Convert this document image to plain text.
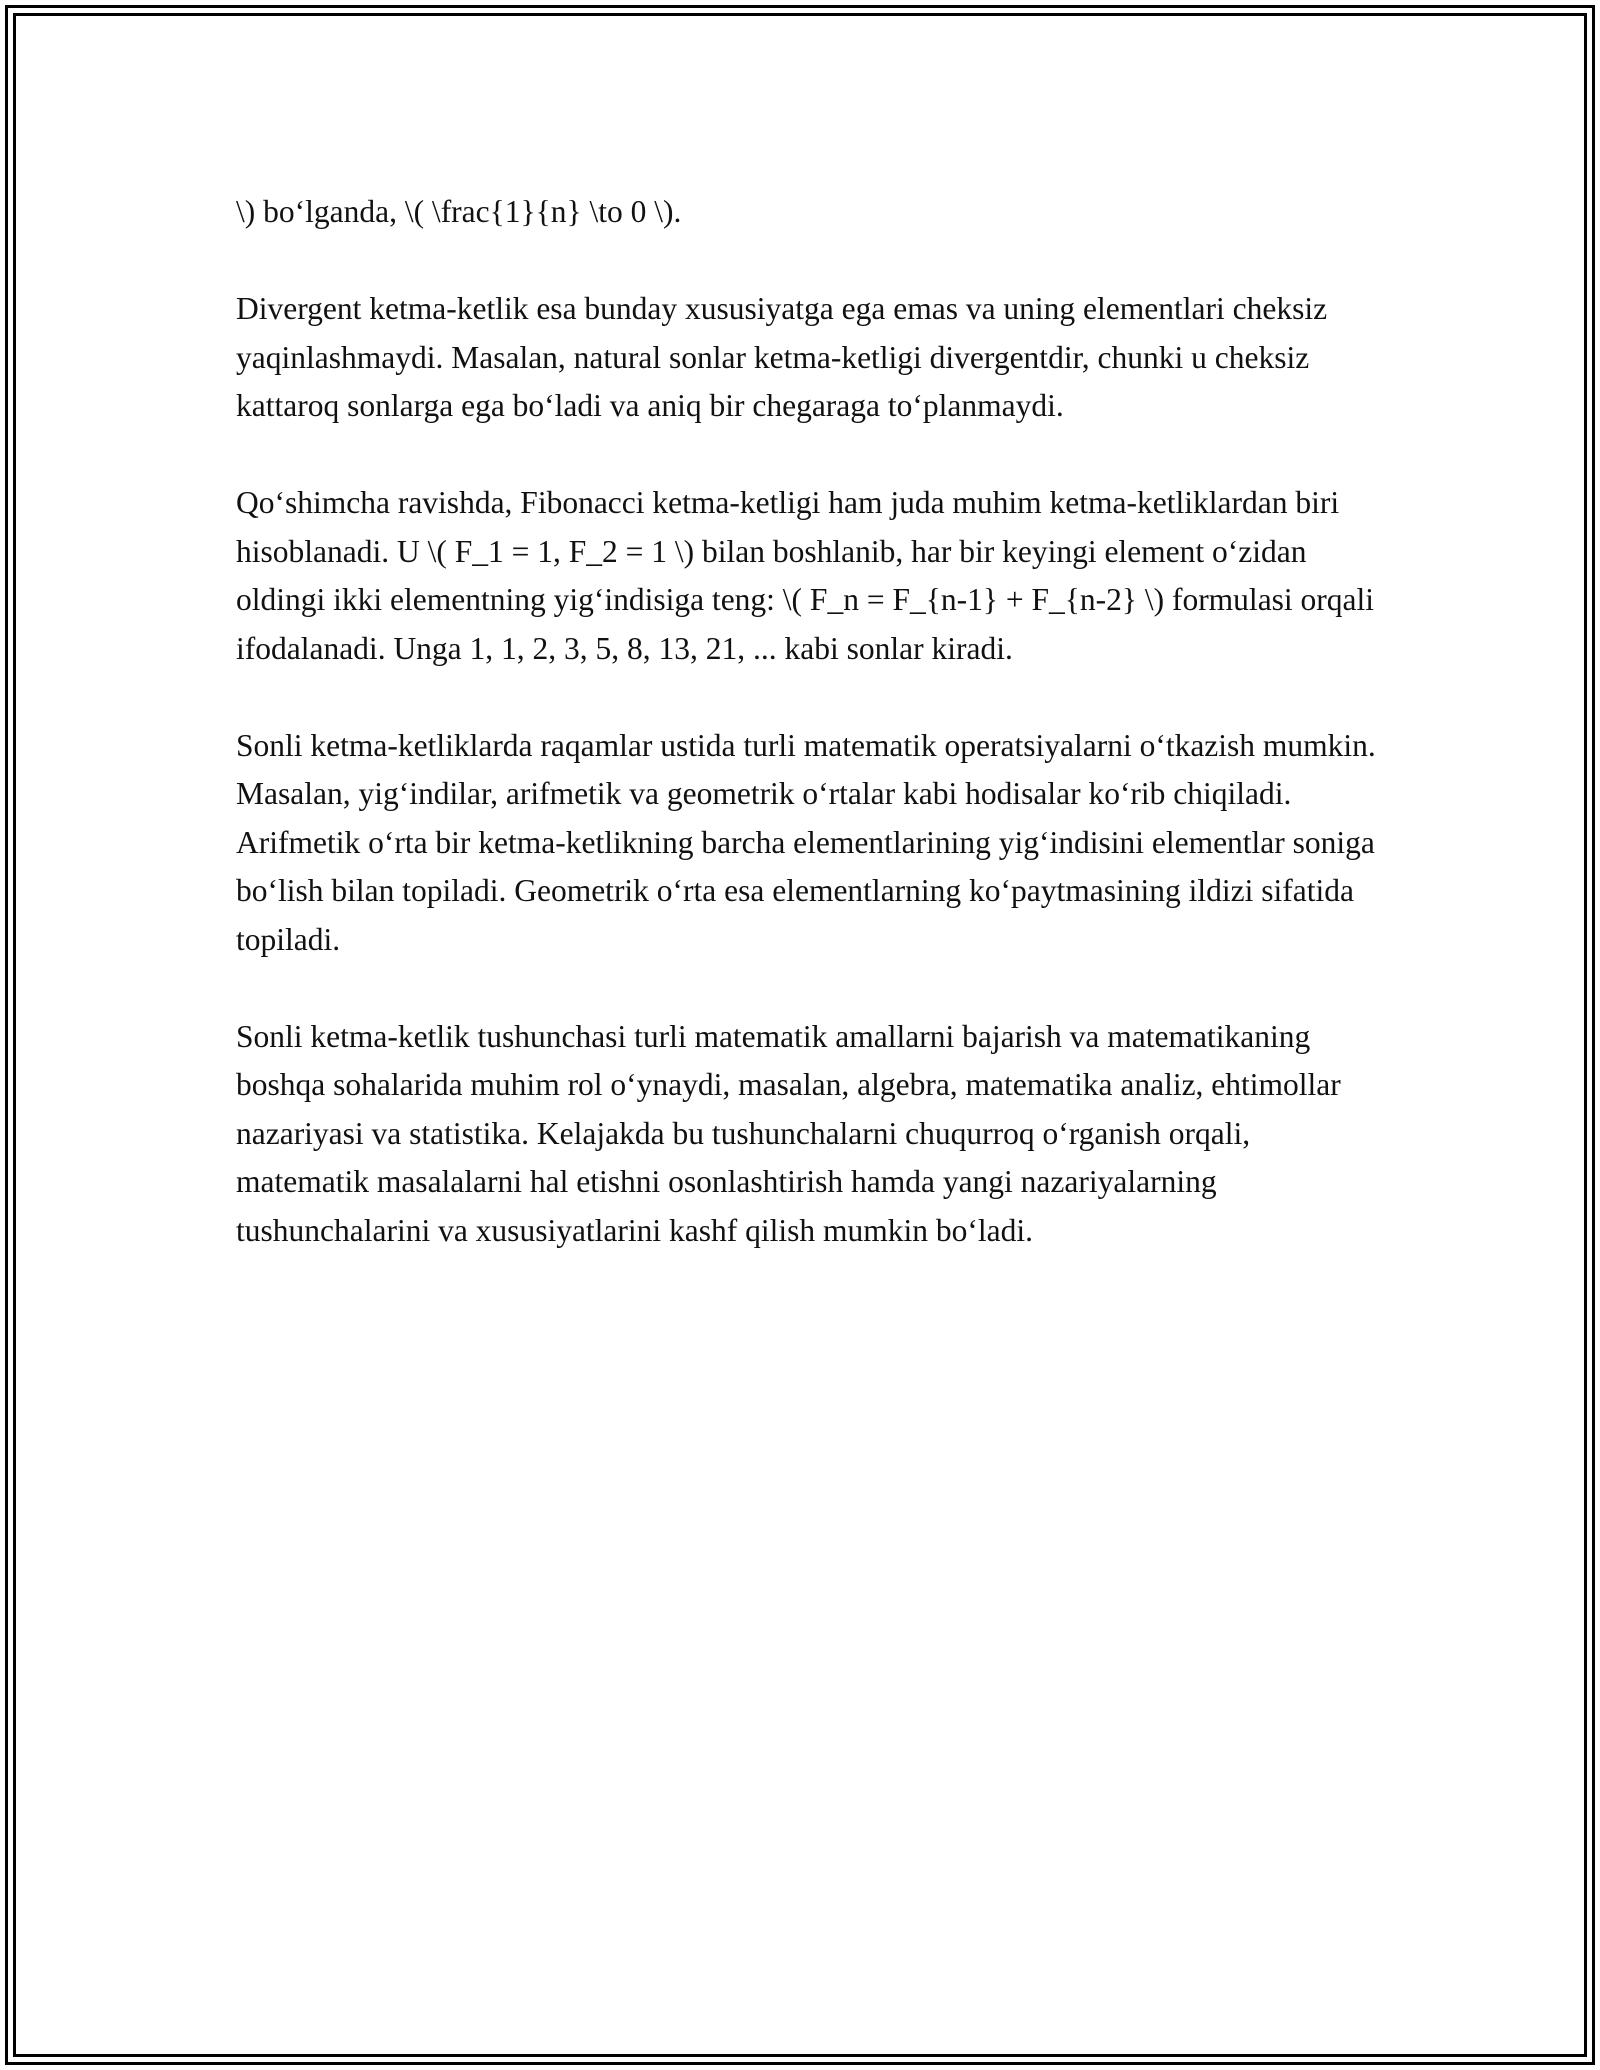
\) bo‘lganda, \( \frac{1}{n} \to 0 \).

Divergent ketma-ketlik esa bunday xususiyatga ega emas va uning elementlari cheksiz yaqinlashmaydi. Masalan, natural sonlar ketma-ketligi divergentdir, chunki u cheksiz kattaroq sonlarga ega bo‘ladi va aniq bir chegaraga to‘planmaydi.

Qo‘shimcha ravishda, Fibonacci ketma-ketligi ham juda muhim ketma-ketliklardan biri hisoblanadi. U \( F_1 = 1, F_2 = 1 \) bilan boshlanib, har bir keyingi element o‘zidan oldingi ikki elementning yig‘indisiga teng: \( F_n = F_{n-1} + F_{n-2} \) formulasi orqali ifodalanadi. Unga 1, 1, 2, 3, 5, 8, 13, 21, ... kabi sonlar kiradi.

Sonli ketma-ketliklarda raqamlar ustida turli matematik operatsiyalarni o‘tkazish mumkin. Masalan, yig‘indilar, arifmetik va geometrik o‘rtalar kabi hodisalar ko‘rib chiqiladi. Arifmetik o‘rta bir ketma-ketlikning barcha elementlarining yig‘indisini elementlar soniga bo‘lish bilan topiladi. Geometrik o‘rta esa elementlarning ko‘paytmasining ildizi sifatida topiladi.

Sonli ketma-ketlik tushunchasi turli matematik amallarni bajarish va matematikaning boshqa sohalarida muhim rol o‘ynaydi, masalan, algebra, matematika analiz, ehtimollar nazariyasi va statistika. Kelajakda bu tushunchalarni chuqurroq o‘rganish orqali, matematik masalalarni hal etishni osonlashtirish hamda yangi nazariyalarning tushunchalarini va xususiyatlarini kashf qilish mumkin bo‘ladi.
